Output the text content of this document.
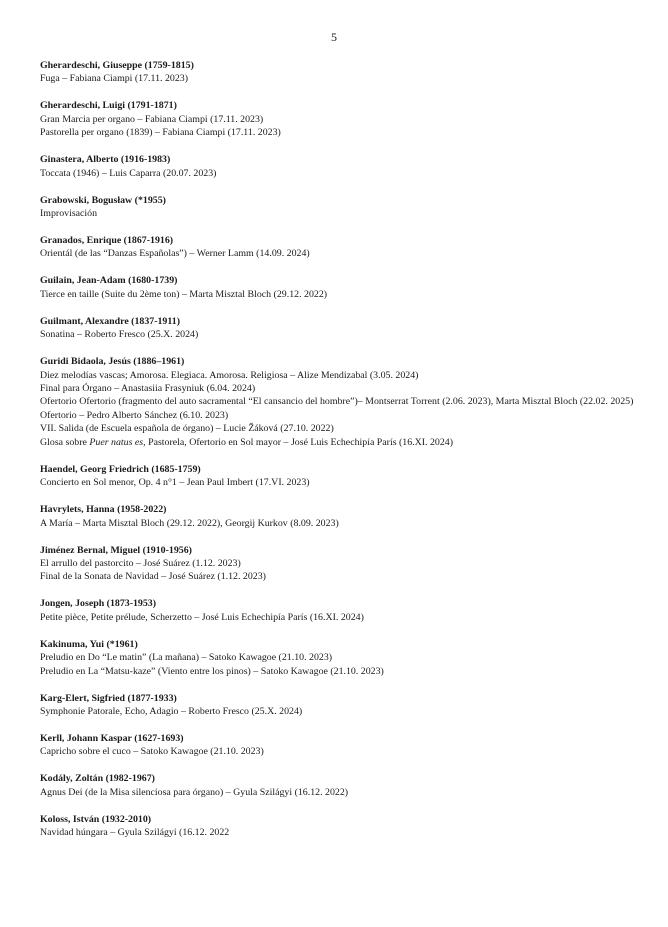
5
Gherardeschi, Giuseppe (1759-1815)
Fuga – Fabiana Ciampi (17.11. 2023)
Gherardeschi, Luigi (1791-1871)
Gran Marcia per organo – Fabiana Ciampi (17.11. 2023)
Pastorella per organo (1839) – Fabiana Ciampi (17.11. 2023)
Ginastera, Alberto (1916-1983)
Toccata (1946) – Luis Caparra (20.07. 2023)
Grabowski, Bogusław (*1955)
Improvisación
Granados, Enrique (1867-1916)
Orientál (de las “Danzas Españolas”) – Werner Lamm (14.09. 2024)
Guilain, Jean-Adam (1680-1739)
Tierce en taille (Suite du 2ème ton) – Marta Misztal Bloch (29.12. 2022)
Guilmant, Alexandre (1837-1911)
Sonatina – Roberto Fresco (25.X. 2024)
Guridi Bidaola, Jesús (1886–1961)
Diez melodías vascas; Amorosa. Elegiaca. Amorosa. Religiosa – Alize Mendizabal (3.05. 2024)
Final para Órgano – Anastasiia Frasyniuk (6.04. 2024)
Ofertorio Ofertorio (fragmento del auto sacramental “El cansancio del hombre”)– Montserrat Torrent (2.06. 2023), Marta Misztal Bloch (22.02. 2025)
Ofertorio – Pedro Alberto Sánchez (6.10. 2023)
VII. Salida (de Escuela española de órgano) – Lucie Žáková (27.10. 2022)
Glosa sobre Puer natus es, Pastorela, Ofertorio en Sol mayor – José Luis Echechipía París (16.XI. 2024)
Haendel, Georg Friedrich (1685-1759)
Concierto en Sol menor, Op. 4 n°1 – Jean Paul Imbert (17.VI. 2023)
Havrylets, Hanna (1958-2022)
A María – Marta Misztal Bloch (29.12. 2022), Georgij Kurkov (8.09. 2023)
Jiménez Bernal, Miguel (1910-1956)
El arrullo del pastorcito – José Suárez (1.12. 2023)
Final de la Sonata de Navidad – José Suárez (1.12. 2023)
Jongen, Joseph (1873-1953)
Petite pièce, Petite prélude, Scherzetto – José Luis Echechipía París (16.XI. 2024)
Kakinuma, Yui (*1961)
Preludio en Do “Le matin” (La mañana) – Satoko Kawagoe (21.10. 2023)
Preludio en La “Matsu-kaze” (Viento entre los pinos) – Satoko Kawagoe (21.10. 2023)
Karg-Elert, Sigfried (1877-1933)
Symphonie Patorale, Echo, Adagio – Roberto Fresco (25.X. 2024)
Kerll, Johann Kaspar (1627-1693)
Capricho sobre el cuco – Satoko Kawagoe (21.10. 2023)
Kodály, Zoltán (1982-1967)
Agnus Dei (de la Misa silenciosa para órgano) – Gyula Szilágyi (16.12. 2022)
Koloss, István (1932-2010)
Navidad húngara – Gyula Szilágyi (16.12. 2022
